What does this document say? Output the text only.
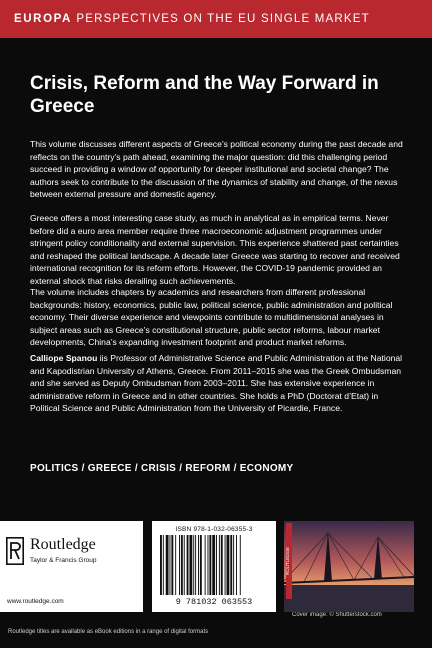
EUROPA PERSPECTIVES ON THE EU SINGLE MARKET
Crisis, Reform and the Way Forward in Greece

This volume discusses different aspects of Greece’s political economy during the past decade and reflects on the country’s path ahead, examining the major question: did this challenging period succeed in providing a window of opportunity for deeper institutional and societal change? The authors seek to contribute to the discussion of the dynamics of stability and change, of the nexus between external pressure and domestic agency.

Greece offers a most interesting case study, as much in analytical as in empirical terms. Never before did a euro area member require three macroeconomic adjustment programmes under stringent policy conditionality and external supervision. This experience shattered past certainties and reshaped the political landscape. A decade later Greece was starting to recover and received international recognition for its reform efforts. However, the COVID-19 pandemic provided an external shock that risks derailing such achievements.

The volume includes chapters by academics and researchers from different professional backgrounds: history, economics, public law, political science, public administration and political economy. Their diverse experience and viewpoints contribute to multidimensional analyses in subject areas such as Greece’s constitutional structure, public sector reforms, labour market developments, China’s expanding investment footprint and product market reforms.

Calliope Spanou iis Professor of Administrative Science and Public Administration at the National and Kapodistrian University of Athens, Greece. From 2011–2015 she was the Greek Ombudsman and she served as Deputy Ombudsman from 2003–2011. She has extensive experience in administrative reform in Greece and in other countries. She holds a PhD (Doctorat d’Etat) in Political Science and Public Administration from the University of Picardie, France.

POLITICS / GREECE / CRISIS / REFORM / ECONOMY
Routledge
Taylor & Francis Group
www.routledge.com
ISBN 978-1-032-06355-3
9 781032 063553
ROUTLEDGE
Cover image: © Shutterstock.com
Routledge titles are available as eBook editions in a range of digital formats
